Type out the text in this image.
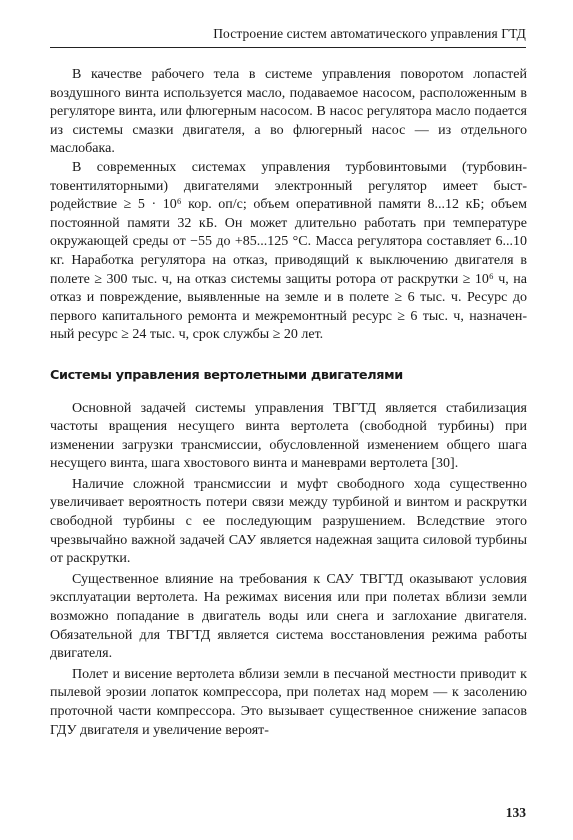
Построение систем автоматического управления ГТД

В качестве рабочего тела в системе управления поворотом лопастей воздушного винта используется масло, подаваемое насосом, расположенным в регуляторе винта, или флюгерным насосом. В насос регулятора масло подается из системы смазки двигателя, а во флюгерный насос — из отдельного маслобака.

В современных системах управления турбовинтовыми (турбовинтовентиляторными) двигателями электронный регулятор имеет быстродействие ≥ 5 · 10⁶ кор. оп/с; объем оперативной памяти 8...12 кБ; объем постоянной памяти 32 кБ. Он может длительно работать при температуре окружающей среды от −55 до +85...125 °С. Масса регулятора составляет 6...10 кг. Наработка регулятора на отказ, приводящий к выключению двигателя в полете ≥ 300 тыс. ч, на отказ системы защиты ротора от раскрутки ≥ 10⁶ ч, на отказ и повреждение, выявленные на земле и в полете ≥ 6 тыс. ч. Ресурс до первого капитального ремонта и межремонтный ресурс ≥ 6 тыс. ч, назначенный ресурс ≥ 24 тыс. ч, срок службы ≥ 20 лет.

Системы управления вертолетными двигателями

Основной задачей системы управления ТВГТД является стабилизация частоты вращения несущего винта вертолета (свободной турбины) при изменении загрузки трансмиссии, обусловленной изменением общего шага несущего винта, шага хвостового винта и маневрами вертолета [30].

Наличие сложной трансмиссии и муфт свободного хода существенно увеличивает вероятность потери связи между турбиной и винтом и раскрутки свободной турбины с ее последующим разрушением. Вследствие этого чрезвычайно важной задачей САУ является надежная защита силовой турбины от раскрутки.

Существенное влияние на требования к САУ ТВГТД оказывают условия эксплуатации вертолета. На режимах висения или при полетах вблизи земли возможно попадание в двигатель воды или снега и заглохание двигателя. Обязательной для ТВГТД является система восстановления режима работы двигателя.

Полет и висение вертолета вблизи земли в песчаной местности приводит к пылевой эрозии лопаток компрессора, при полетах над морем — к засолению проточной части компрессора. Это вызывает существенное снижение запасов ГДУ двигателя и увеличение вероят-

133
